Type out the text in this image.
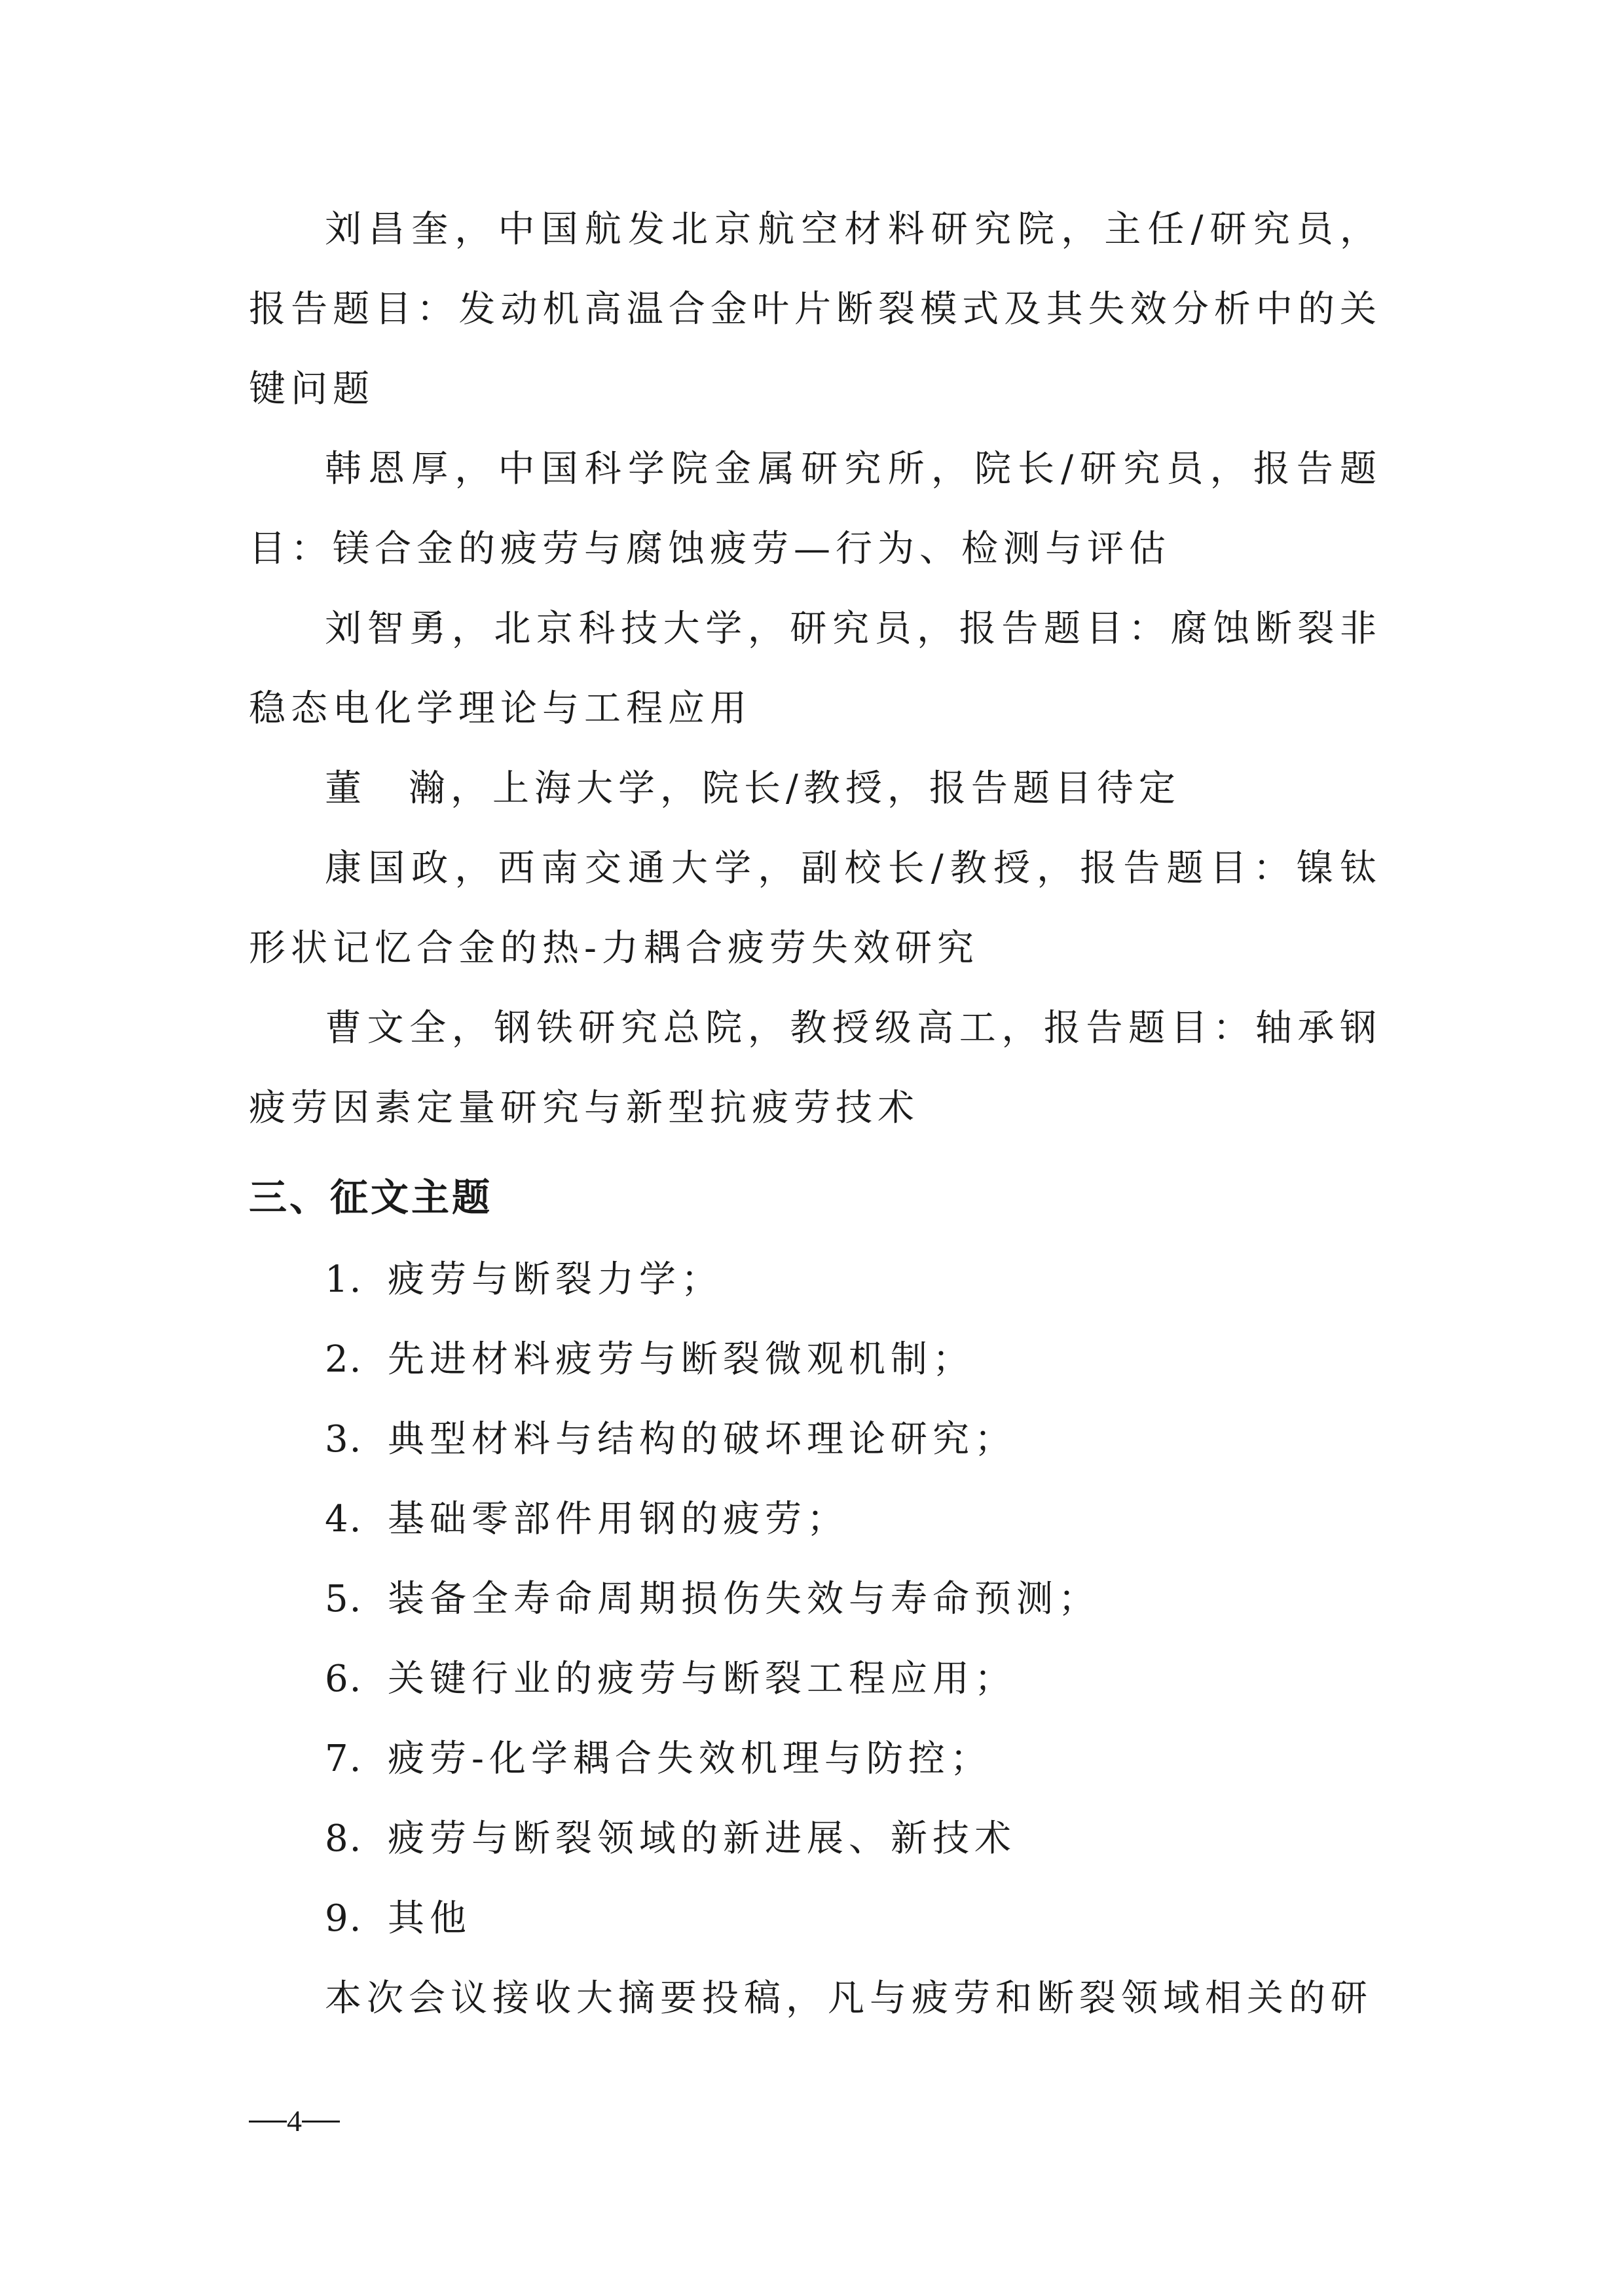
刘昌奎，中国航发北京航空材料研究院，主任/研究员，报告题目：发动机高温合金叶片断裂模式及其失效分析中的关键问题

韩恩厚，中国科学院金属研究所，院长/研究员，报告题目：镁合金的疲劳与腐蚀疲劳—行为、检测与评估

刘智勇，北京科技大学，研究员，报告题目：腐蚀断裂非稳态电化学理论与工程应用

董　瀚，上海大学，院长/教授，报告题目待定

康国政，西南交通大学，副校长/教授，报告题目：镍钛形状记忆合金的热-力耦合疲劳失效研究

曹文全，钢铁研究总院，教授级高工，报告题目：轴承钢疲劳因素定量研究与新型抗疲劳技术

三、征文主题
1. 疲劳与断裂力学；
2. 先进材料疲劳与断裂微观机制；
3. 典型材料与结构的破坏理论研究；
4. 基础零部件用钢的疲劳；
5. 装备全寿命周期损伤失效与寿命预测；
6. 关键行业的疲劳与断裂工程应用；
7. 疲劳-化学耦合失效机理与防控；
8. 疲劳与断裂领域的新进展、新技术
9. 其他

本次会议接收大摘要投稿，凡与疲劳和断裂领域相关的研

4
